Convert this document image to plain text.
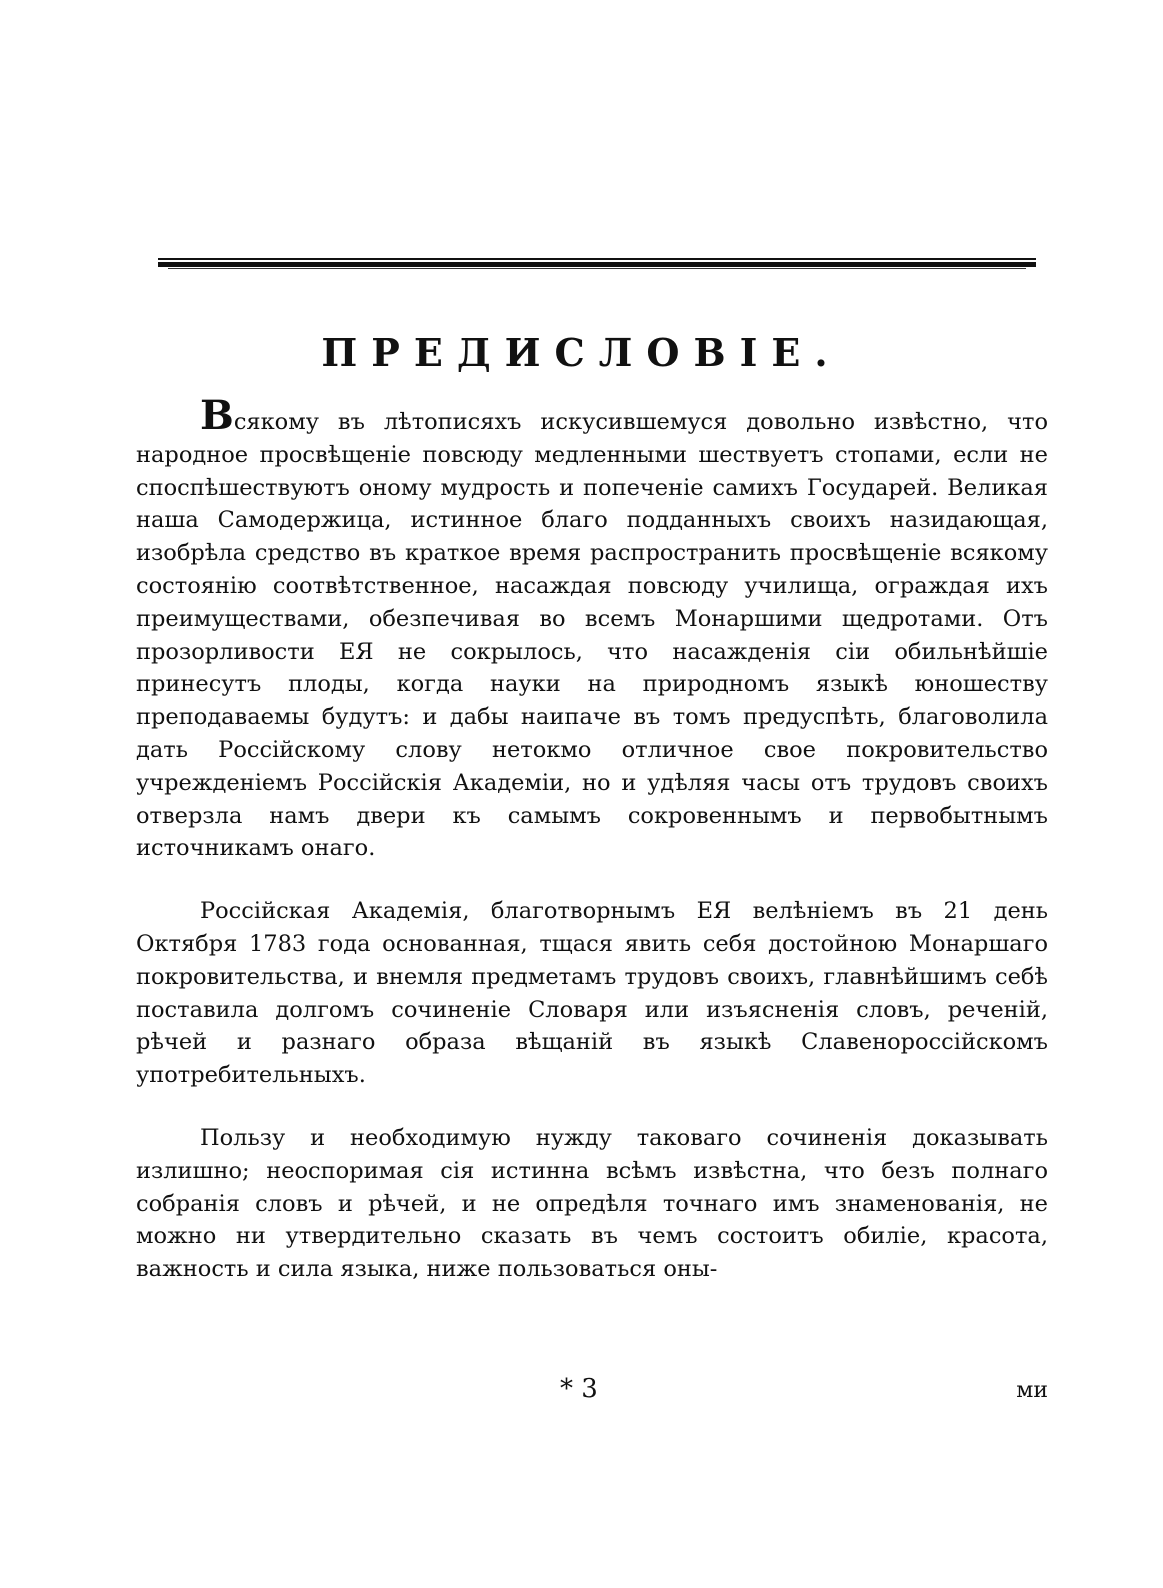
ПРЕДИСЛОВІЕ.

Всякому въ лѣтописяхъ искусившемуся довольно извѣстно, что народное просвѣщеніе повсюду медленными шествуетъ стопами, если не споспѣшествуютъ оному мудрость и попеченіе самихъ Государей. Великая наша Самодержица, истинное благо подданныхъ своихъ назидающая, изобрѣла средство въ краткое время распространить просвѣщеніе всякому состоянію соотвѣтственное, насаждая повсюду училища, ограждая ихъ преимуществами, обезпечивая во всемъ Монаршими щедротами. Отъ прозорливости ЕЯ не сокрылось, что насажденія сіи обильнѣйшіе принесутъ плоды, когда науки на природномъ языкѣ юношеству преподаваемы будутъ: и дабы наипаче въ томъ предуспѣть, благоволила дать Россійскому слову нетокмо отличное свое покровительство учрежденіемъ Россійскія Академіи, но и удѣляя часы отъ трудовъ своихъ отверзла намъ двери къ самымъ сокровеннымъ и первобытнымъ источникамъ онаго.

Россійская Академія, благотворнымъ ЕЯ велѣніемъ въ 21 день Октября 1783 года основанная, тщася явить себя достойною Монаршаго покровительства, и внемля предметамъ трудовъ своихъ, главнѣйшимъ себѣ поставила долгомъ сочиненіе Словаря или изъясненія словъ, реченій, рѣчей и разнаго образа вѣщаній въ языкѣ Славенороссійскомъ употребительныхъ.

Пользу и необходимую нужду таковаго сочиненія доказывать излишно; неоспоримая сія истинна всѣмъ извѣстна, что безъ полнаго собранія словъ и рѣчей, и не опредѣля точнаго имъ знаменованія, не можно ни утвердительно сказать въ чемъ состоитъ обиліе, красота, важность и сила языка, ниже пользоваться оны-

* 3	ми
